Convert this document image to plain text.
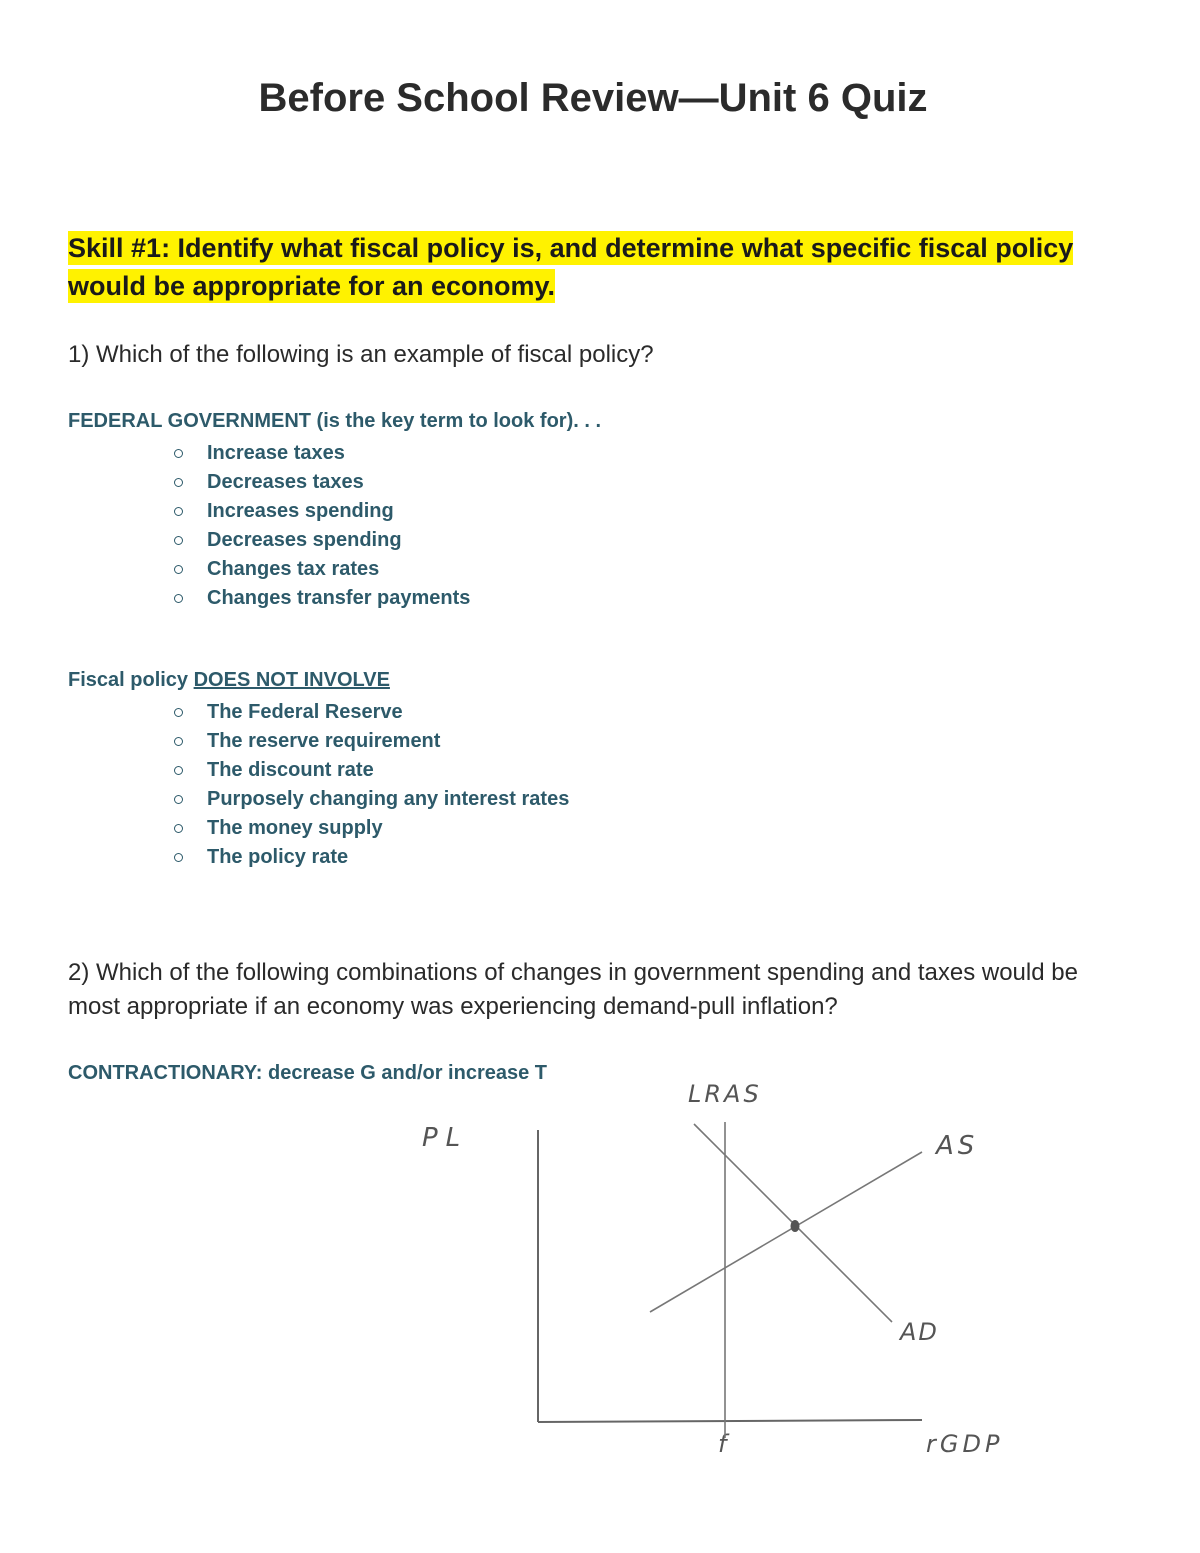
Before School Review—Unit 6 Quiz
Skill #1: Identify what fiscal policy is, and determine what specific fiscal policy would be appropriate for an economy.
1) Which of the following is an example of fiscal policy?
FEDERAL GOVERNMENT (is the key term to look for). . .
Increase taxes
Decreases taxes
Increases spending
Decreases spending
Changes tax rates
Changes transfer payments
Fiscal policy DOES NOT INVOLVE
The Federal Reserve
The reserve requirement
The discount rate
Purposely changing any interest rates
The money supply
The policy rate
2) Which of the following combinations of changes in government spending and taxes would be most appropriate if an economy was experiencing demand-pull inflation?
CONTRACTIONARY: decrease G and/or increase T
LRAS
PL	AS
AD
f	rGDP
